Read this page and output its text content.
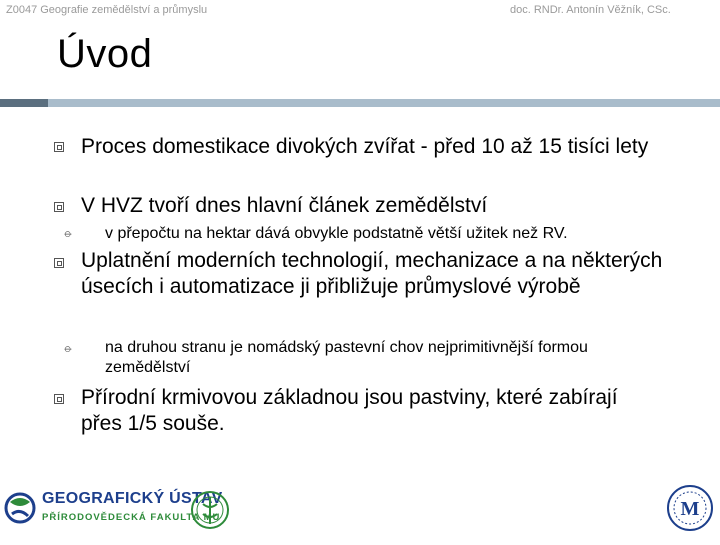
Z0047 Geografie zemědělství a průmyslu	doc. RNDr. Antonín Věžník, CSc.
Úvod
Proces domestikace divokých zvířat - před 10 až 15 tisíci lety
V HVZ tvoří dnes hlavní článek zemědělství
⦵ v přepočtu na hektar dává obvykle podstatně větší užitek než RV.
Uplatnění moderních technologií, mechanizace a na některých úsecích i automatizace ji přibližuje průmyslové výrobě
⦵ na druhou stranu je nomádský pastevní chov nejprimitivnější formou zemědělství
Přírodní krmivovou základnou jsou pastviny, které zabírají přes 1/5 souše.
GEOGRAFICKÝ ÚSTAV
PŘÍRODOVĚDECKÁ FAKULTA MU	M
